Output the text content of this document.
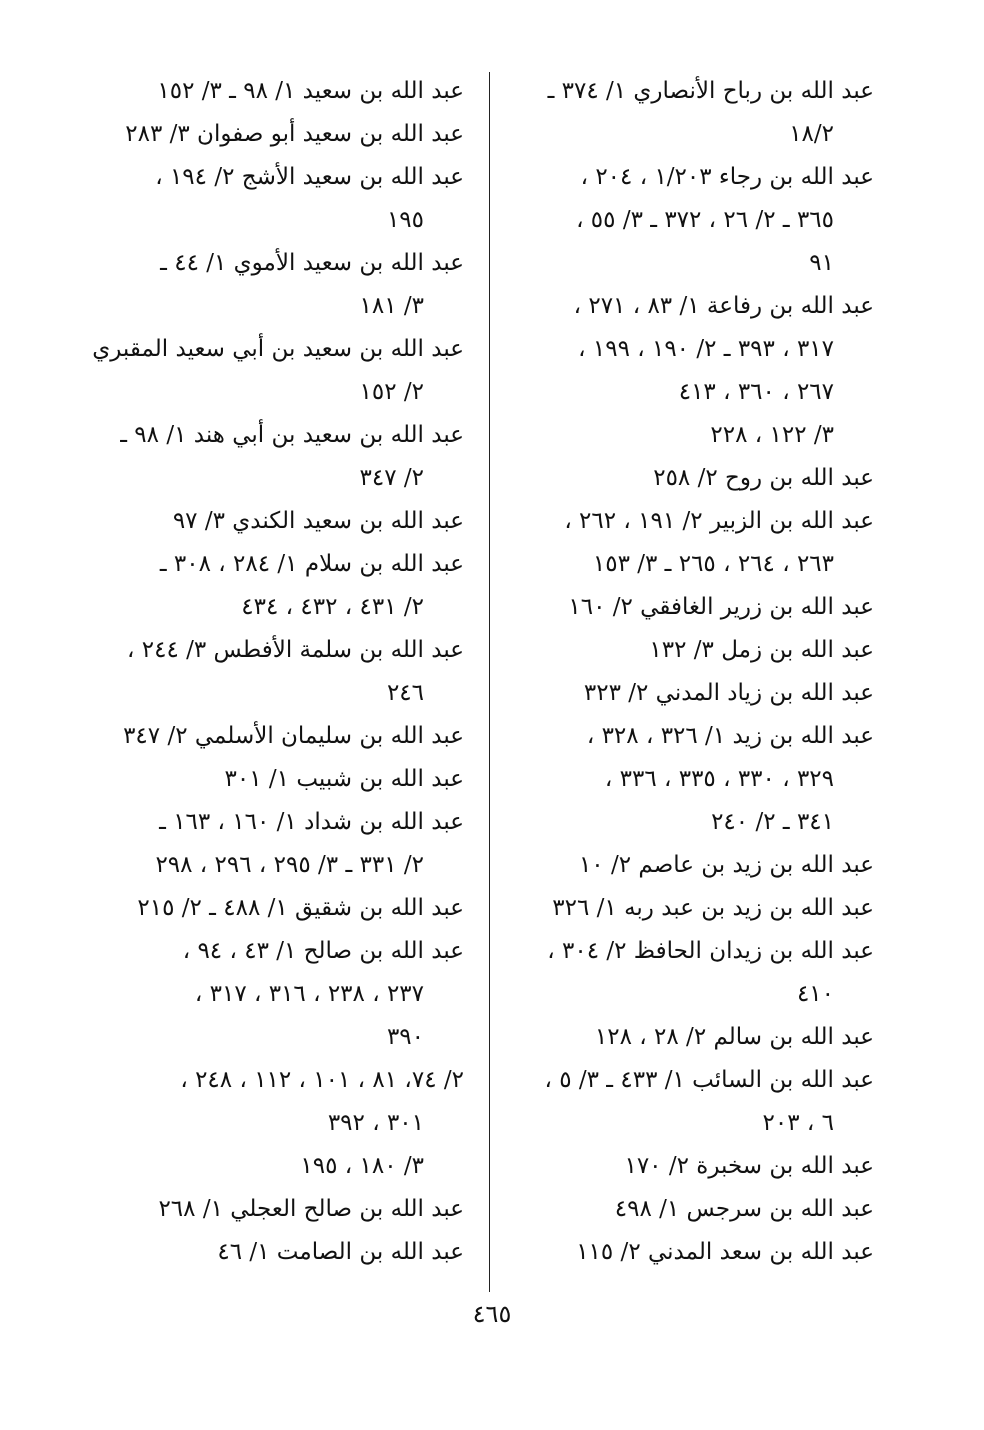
عبد الله بن رباح الأنصاري ١/ ٣٧٤ ـ
١٨/٢
عبد الله بن رجاء ١/٢٠٣ ، ٢٠٤ ،
٣٦٥ ـ ٢/ ٢٦ ، ٣٧٢ ـ ٣/ ٥٥ ،
٩١
عبد الله بن رفاعة ١/ ٨٣ ، ٢٧١ ،
٣١٧ ، ٣٩٣ ـ ٢/ ١٩٠ ، ١٩٩ ،
٢٦٧ ، ٣٦٠ ، ٤١٣
٣/ ١٢٢ ، ٢٢٨
عبد الله بن روح ٢/ ٢٥٨
عبد الله بن الزبير ٢/ ١٩١ ، ٢٦٢ ،
٢٦٣ ، ٢٦٤ ، ٢٦٥ ـ ٣/ ١٥٣
عبد الله بن زرير الغافقي ٢/ ١٦٠
عبد الله بن زمل ٣/ ١٣٢
عبد الله بن زياد المدني ٢/ ٣٢٣
عبد الله بن زيد ١/ ٣٢٦ ، ٣٢٨ ،
٣٢٩ ، ٣٣٠ ، ٣٣٥ ، ٣٣٦ ،
٣٤١ ـ ٢/ ٢٤٠
عبد الله بن زيد بن عاصم ٢/ ١٠
عبد الله بن زيد بن عبد ربه ١/ ٣٢٦
عبد الله بن زيدان الحافظ ٢/ ٣٠٤ ،
٤١٠
عبد الله بن سالم ٢/ ٢٨ ، ١٢٨
عبد الله بن السائب ١/ ٤٣٣ ـ ٣/ ٥ ،
٦ ، ٢٠٣
عبد الله بن سخبرة ٢/ ١٧٠
عبد الله بن سرجس ١/ ٤٩٨
عبد الله بن سعد المدني ٢/ ١١٥
عبد الله بن سعيد ١/ ٩٨ ـ ٣/ ١٥٢
عبد الله بن سعيد أبو صفوان ٣/ ٢٨٣
عبد الله بن سعيد الأشج ٢/ ١٩٤ ،
١٩٥
عبد الله بن سعيد الأموي ١/ ٤٤ ـ
٣/ ١٨١
عبد الله بن سعيد بن أبي سعيد المقبري
٢/ ١٥٢
عبد الله بن سعيد بن أبي هند ١/ ٩٨ ـ
٢/ ٣٤٧
عبد الله بن سعيد الكندي ٣/ ٩٧
عبد الله بن سلام ١/ ٢٨٤ ، ٣٠٨ ـ
٢/ ٤٣١ ، ٤٣٢ ، ٤٣٤
عبد الله بن سلمة الأفطس ٣/ ٢٤٤ ،
٢٤٦
عبد الله بن سليمان الأسلمي ٢/ ٣٤٧
عبد الله بن شبيب ١/ ٣٠١
عبد الله بن شداد ١/ ١٦٠ ، ١٦٣ ـ
٢/ ٣٣١ ـ ٣/ ٢٩٥ ، ٢٩٦ ، ٢٩٨
عبد الله بن شقيق ١/ ٤٨٨ ـ ٢/ ٢١٥
عبد الله بن صالح ١/ ٤٣ ، ٩٤ ،
٢٣٧ ، ٢٣٨ ، ٣١٦ ، ٣١٧ ،
٣٩٠
٢/ ٧٤، ٨١ ، ١٠١ ، ١١٢ ، ٢٤٨ ،
٣٠١ ، ٣٩٢
٣/ ١٨٠ ، ١٩٥
عبد الله بن صالح العجلي ١/ ٢٦٨
عبد الله بن الصامت ١/ ٤٦
٤٦٥
